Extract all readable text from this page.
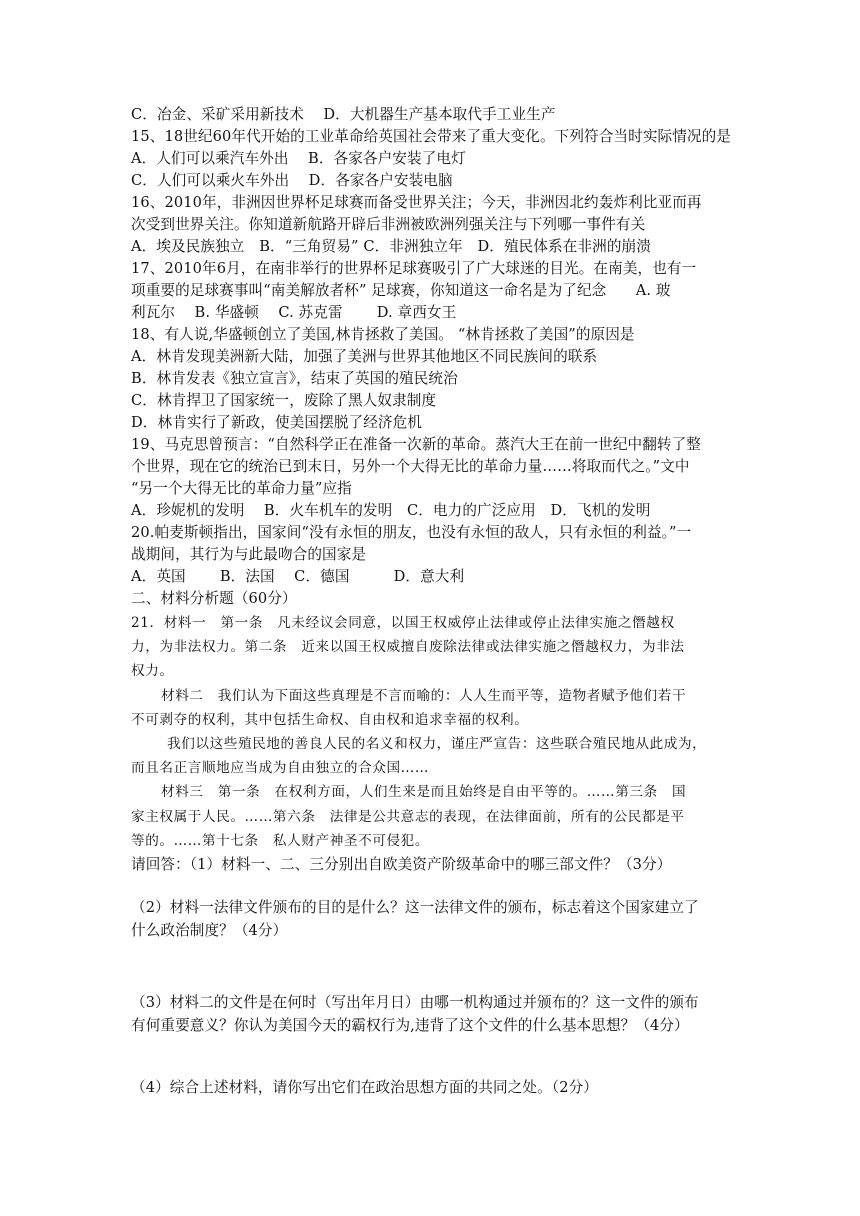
C．冶金、采矿采用新技术　 D．大机器生产基本取代手工业生产
15、18世纪60年代开始的工业革命给英国社会带来了重大变化。下列符合当时实际情况的是
A．人们可以乘汽车外出　 B．各家各户安装了电灯
C．人们可以乘火车外出　 D．各家各户安装电脑
16、2010年，非洲因世界杯足球赛而备受世界关注；今天，非洲因北约轰炸利比亚而再
次受到世界关注。你知道新航路开辟后非洲被欧洲列强关注与下列哪一事件有关
A．埃及民族独立　B．“三角贸易” C．非洲独立年　D．殖民体系在非洲的崩溃
17、2010年6月，在南非举行的世界杯足球赛吸引了广大球迷的目光。在南美，也有一
项重要的足球赛事叫“南美解放者杯” 足球赛，你知道这一命名是为了纪念　　A. 玻
利瓦尔　 B. 华盛顿　 C. 苏克雷　　 D. 章西女王
18、有人说,华盛顿创立了美国,林肯拯救了美国。 “林肯拯救了美国”的原因是
A．林肯发现美洲新大陆，加强了美洲与世界其他地区不同民族间的联系
B．林肯发表《独立宣言》，结束了英国的殖民统治
C．林肯捍卫了国家统一，废除了黑人奴隶制度
D．林肯实行了新政，使美国摆脱了经济危机
19、马克思曾预言：“自然科学正在准备一次新的革命。蒸汽大王在前一世纪中翻转了整
个世界，现在它的统治已到末日，另外一个大得无比的革命力量……将取而代之。”文中
“另一个大得无比的革命力量”应指
A．珍妮机的发明　 B．火车机车的发明　C．电力的广泛应用　D．飞机的发明
20.帕麦斯顿指出，国家间“没有永恒的朋友，也没有永恒的敌人，只有永恒的利益。”一
战期间，其行为与此最吻合的国家是
A．英国　　 B．法国　 C．德国　　　D．意大利
二、材料分析题（60分）
21．材料一　第一条　凡未经议会同意，以国王权威停止法律或停止法律实施之僭越权
力，为非法权力。第二条　近来以国王权威擅自废除法律或法律实施之僭越权力，为非法
权力。
材料二　我们认为下面这些真理是不言而喻的：人人生而平等，造物者赋予他们若干
不可剥夺的权利，其中包括生命权、自由权和追求幸福的权利。
我们以这些殖民地的善良人民的名义和权力，谨庄严宣告：这些联合殖民地从此成为，
而且名正言顺地应当成为自由独立的合众国……
材料三　第一条　在权利方面，人们生来是而且始终是自由平等的。……第三条　国
家主权属于人民。……第六条　法律是公共意志的表现，在法律面前，所有的公民都是平
等的。……第十七条　私人财产神圣不可侵犯。
请回答：（1）材料一、二、三分别出自欧美资产阶级革命中的哪三部文件？（3分）
（2）材料一法律文件颁布的目的是什么？这一法律文件的颁布，标志着这个国家建立了
什么政治制度？（4分）
（3）材料二的文件是在何时（写出年月日）由哪一机构通过并颁布的？这一文件的颁布
有何重要意义？你认为美国今天的霸权行为,违背了这个文件的什么基本思想？（4分）
（4）综合上述材料，请你写出它们在政治思想方面的共同之处。（2分）
